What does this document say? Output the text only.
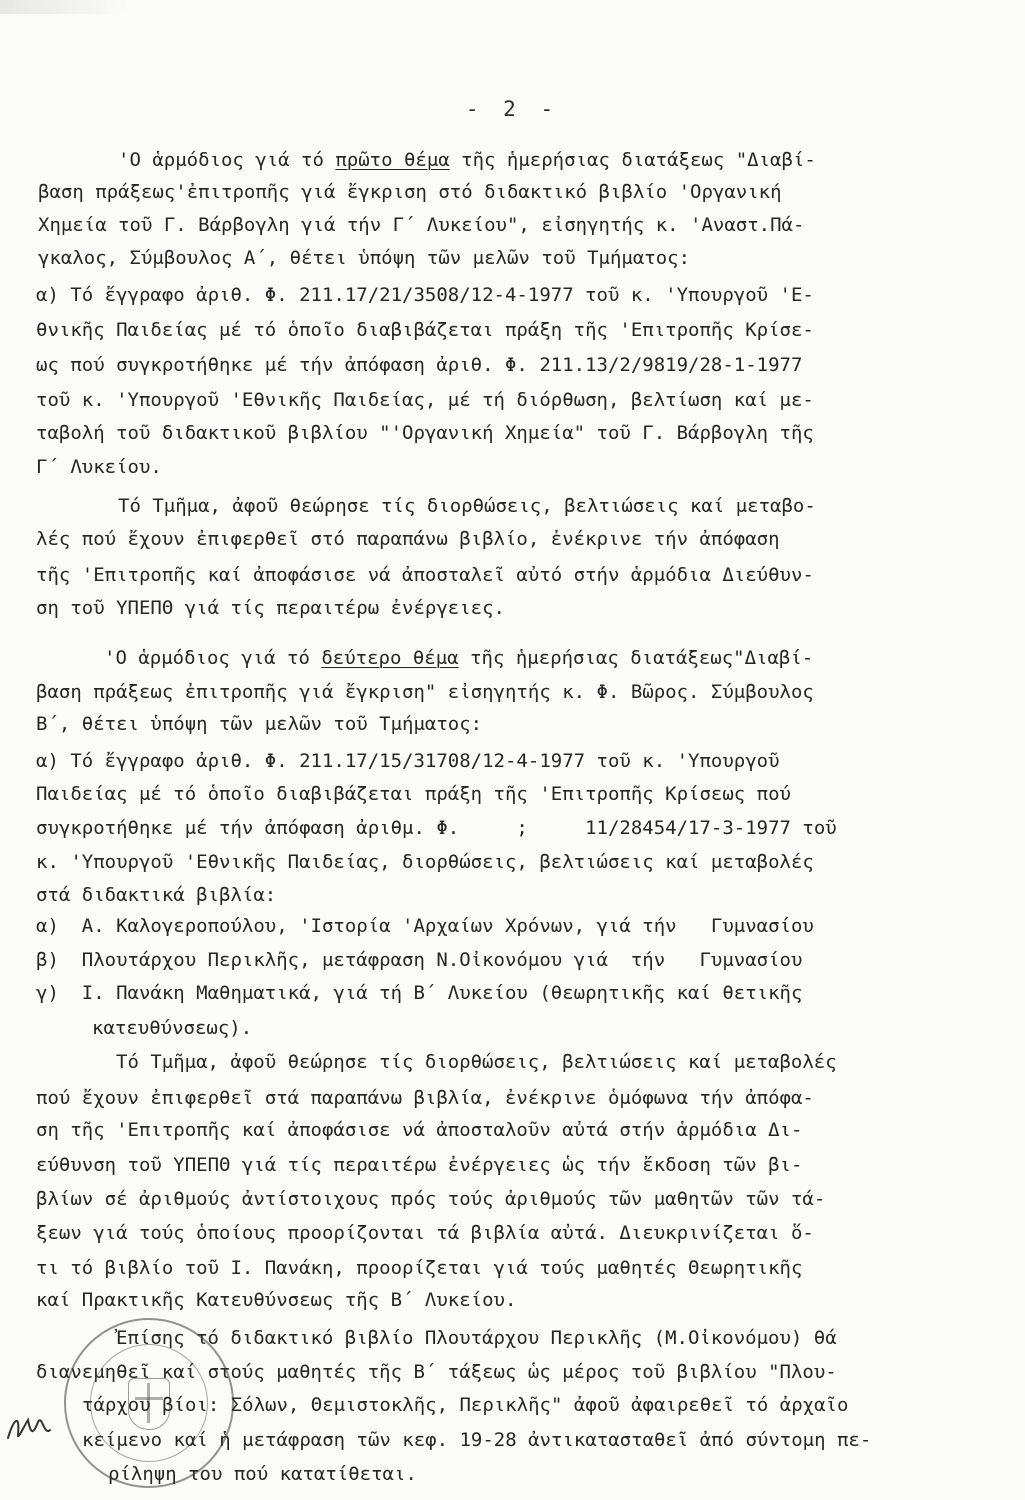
- 2 -
'Ο ἁρμόδιος γιά τό πρῶτο θέμα τῆς ἡμερήσιας διατάξεως "Διαβί-
βαση πράξεως'ἐπιτροπῆς γιά ἔγκριση στό διδακτικό βιβλίο 'Οργανική
Χημεία τοῦ Γ. Βάρβογλη γιά τήν Γ΄ Λυκείου", εἰσηγητής κ. 'Αναστ.Πά-
γκαλος, Σύμβουλος Α΄, θέτει ὑπόψη τῶν μελῶν τοῦ Τμήματος:
α) Τό ἔγγραφο ἀριθ. Φ. 211.17/21/3508/12-4-1977 τοῦ κ. 'Υπουργοῦ 'Ε-
θνικῆς Παιδείας μέ τό ὁποῖο διαβιβάζεται πράξη τῆς 'Επιτροπῆς Κρίσε-
ως πού συγκροτήθηκε μέ τήν ἀπόφαση ἀριθ. Φ. 211.13/2/9819/28-1-1977
τοῦ κ. 'Υπουργοῦ 'Εθνικῆς Παιδείας, μέ τή διόρθωση, βελτίωση καί με-
ταβολή τοῦ διδακτικοῦ βιβλίου "'Οργανική Χημεία" τοῦ Γ. Βάρβογλη τῆς
Γ΄ Λυκείου.
Τό Τμῆμα, ἀφοῦ θεώρησε τίς διορθώσεις, βελτιώσεις καί μεταβο-
λές πού ἔχουν ἐπιφερθεῖ στό παραπάνω βιβλίο, ἐνέκρινε τήν ἀπόφαση
τῆς 'Επιτροπῆς καί ἀποφάσισε νά ἀποσταλεῖ αὐτό στήν ἁρμόδια Διεύθυν-
ση τοῦ ΥΠΕΠΘ γιά τίς περαιτέρω ἐνέργειες.
'Ο ἁρμόδιος γιά τό δεύτερο θέμα τῆς ἡμερήσιας διατάξεως"Διαβί-
βαση πράξεως ἐπιτροπῆς γιά ἔγκριση" εἰσηγητής κ. Φ. Βῶρος. Σύμβουλος
Β΄, θέτει ὑπόψη τῶν μελῶν τοῦ Τμήματος:
α) Τό ἔγγραφο ἀριθ. Φ. 211.17/15/31708/12-4-1977 τοῦ κ. 'Υπουργοῦ
Παιδείας μέ τό ὁποῖο διαβιβάζεται πράξη τῆς 'Επιτροπῆς Κρίσεως πού
συγκροτήθηκε μέ τήν ἀπόφαση ἀριθμ. Φ.     ;     11/28454/17-3-1977 τοῦ
κ. 'Υπουργοῦ 'Εθνικῆς Παιδείας, διορθώσεις, βελτιώσεις καί μεταβολές
στά διδακτικά βιβλία:
α)  Α. Καλογεροπούλου, 'Ιστορία 'Αρχαίων Χρόνων, γιά τήν   Γυμνασίου
β)  Πλουτάρχου Περικλῆς, μετάφραση Ν.Οἰκονόμου γιά  τήν   Γυμνασίου
γ)  Ι. Πανάκη Μαθηματικά, γιά τή Β΄ Λυκείου (θεωρητικῆς καί θετικῆς
κατευθύνσεως).
Τό Τμῆμα, ἀφοῦ θεώρησε τίς διορθώσεις, βελτιώσεις καί μεταβολές
πού ἔχουν ἐπιφερθεῖ στά παραπάνω βιβλία, ἐνέκρινε ὁμόφωνα τήν ἀπόφα-
ση τῆς 'Επιτροπῆς καί ἀποφάσισε νά ἀποσταλοῦν αὐτά στήν ἁρμόδια Δι-
εύθυνση τοῦ ΥΠΕΠΘ γιά τίς περαιτέρω ἐνέργειες ὡς τήν ἔκδοση τῶν βι-
βλίων σέ ἀριθμούς ἀντίστοιχους πρός τούς ἀριθμούς τῶν μαθητῶν τῶν τά-
ξεων γιά τούς ὁποίους προορίζονται τά βιβλία αὐτά. Διευκρινίζεται ὅ-
τι τό βιβλίο τοῦ Ι. Πανάκη, προορίζεται γιά τούς μαθητές Θεωρητικῆς
καί Πρακτικῆς Κατευθύνσεως τῆς Β΄ Λυκείου.
Ἐπίσης τό διδακτικό βιβλίο Πλουτάρχου Περικλῆς (Μ.Οἰκονόμου) θά
διανεμηθεῖ καί στούς μαθητές τῆς Β΄ τάξεως ὡς μέρος τοῦ βιβλίου "Πλου-
τάρχου βίοι: Σόλων, Θεμιστοκλῆς, Περικλῆς" ἀφοῦ ἀφαιρεθεῖ τό ἀρχαῖο
κείμενο καί ἡ μετάφραση τῶν κεφ. 19-28 ἀντικατασταθεῖ ἀπό σύντομη πε-
ρίληψη του πού κατατίθεται.
